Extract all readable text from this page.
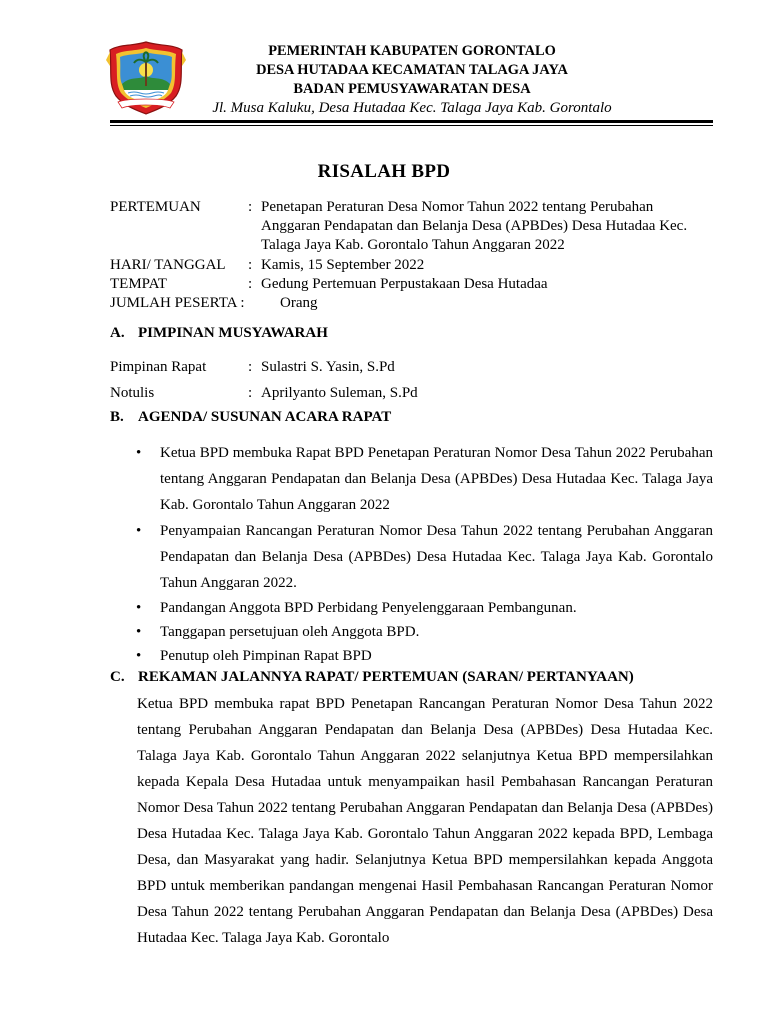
PEMERINTAH KABUPATEN GORONTALO
DESA HUTADAA KECAMATAN TALAGA JAYA
BADAN PEMUSYAWARATAN DESA
Jl. Musa Kaluku, Desa Hutadaa Kec. Talaga Jaya Kab. Gorontalo
RISALAH BPD
PERTEMUAN	: Penetapan Peraturan Desa Nomor Tahun 2022 tentang Perubahan Anggaran Pendapatan dan Belanja Desa (APBDes) Desa Hutadaa Kec. Talaga Jaya Kab. Gorontalo Tahun Anggaran 2022
HARI/ TANGGAL : Kamis, 15 September 2022
TEMPAT	: Gedung Pertemuan Perpustakaan Desa Hutadaa
JUMLAH PESERTA : Orang
A. PIMPINAN MUSYAWARAH
Pimpinan Rapat	: Sulastri S. Yasin, S.Pd
Notulis	: Aprilyanto Suleman, S.Pd
B. AGENDA/ SUSUNAN ACARA RAPAT
• Ketua BPD membuka Rapat BPD Penetapan Peraturan Nomor Desa Tahun 2022 Perubahan tentang Anggaran Pendapatan dan Belanja Desa (APBDes) Desa Hutadaa Kec. Talaga Jaya Kab. Gorontalo Tahun Anggaran 2022
• Penyampaian Rancangan Peraturan Nomor Desa Tahun 2022 tentang Perubahan Anggaran Pendapatan dan Belanja Desa (APBDes) Desa Hutadaa Kec. Talaga Jaya Kab. Gorontalo Tahun Anggaran 2022.
• Pandangan Anggota BPD Perbidang Penyelenggaraan Pembangunan.
• Tanggapan persetujuan oleh Anggota BPD.
• Penutup oleh Pimpinan Rapat BPD
C. REKAMAN JALANNYA RAPAT/ PERTEMUAN (SARAN/ PERTANYAAN)
Ketua BPD membuka rapat BPD Penetapan Rancangan Peraturan Nomor Desa Tahun 2022 tentang Perubahan Anggaran Pendapatan dan Belanja Desa (APBDes) Desa Hutadaa Kec. Talaga Jaya Kab. Gorontalo Tahun Anggaran 2022 selanjutnya Ketua BPD mempersilahkan kepada Kepala Desa Hutadaa untuk menyampaikan hasil Pembahasan Rancangan Peraturan Nomor Desa Tahun 2022 tentang Perubahan Anggaran Pendapatan dan Belanja Desa (APBDes) Desa Hutadaa Kec. Talaga Jaya Kab. Gorontalo Tahun Anggaran 2022 kepada BPD, Lembaga Desa, dan Masyarakat yang hadir. Selanjutnya Ketua BPD mempersilahkan kepada Anggota BPD untuk memberikan pandangan mengenai Hasil Pembahasan Rancangan Peraturan Nomor Desa Tahun 2022 tentang Perubahan Anggaran Pendapatan dan Belanja Desa (APBDes) Desa Hutadaa Kec. Talaga Jaya Kab. Gorontalo
